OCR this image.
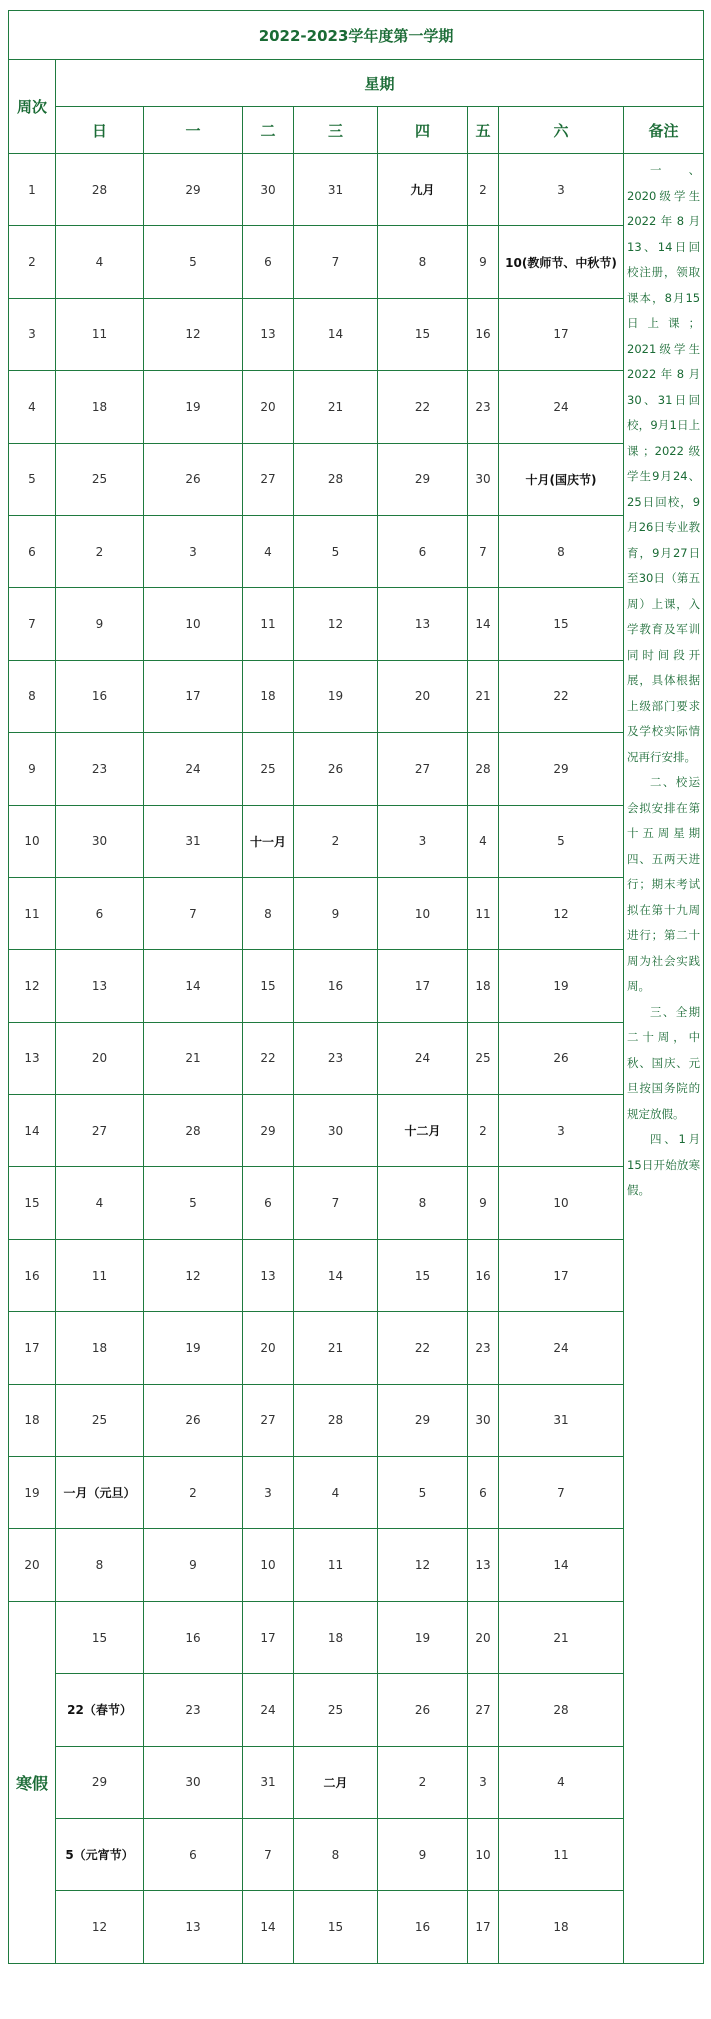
2022-2023学年度第一学期								
周次	星期							
	日	一	二	三	四	五	六	备注
1	28	29	30	31	九月	2	3	一、2020级学生2022年8月13、14日回校注册，领取课本，8月15日上课；2021级学生2022年8月30、31日回校，9月1日上课；2022级学生9月24、25日回校，9月26日专业教育，9月27日至30日（第五周）上课，入学教育及军训同时间段开展，具体根据上级部门要求及学校实际情况再行安排。

二、校运会拟安排在第十五周星期四、五两天进行；期末考试拟在第十九周进行；第二十周为社会实践周。

三、全期二十周，中秋、国庆、元旦按国务院的规定放假。

四、1月15日开始放寒假。

2	4	5	6	7	8	9	10(教师节、中秋节)	
3	11	12	13	14	15	16	17	
4	18	19	20	21	22	23	24	
5	25	26	27	28	29	30	十月(国庆节)	
6	2	3	4	5	6	7	8	
7	9	10	11	12	13	14	15	
8	16	17	18	19	20	21	22	
9	23	24	25	26	27	28	29	
10	30	31	十一月	2	3	4	5	
11	6	7	8	9	10	11	12	
12	13	14	15	16	17	18	19	
13	20	21	22	23	24	25	26	
14	27	28	29	30	十二月	2	3	
15	4	5	6	7	8	9	10	
16	11	12	13	14	15	16	17	
17	18	19	20	21	22	23	24	
18	25	26	27	28	29	30	31	
19	一月（元旦）	2	3	4	5	6	7	
20	8	9	10	11	12	13	14	
寒假	15	16	17	18	19	20	21	
	22（春节）	23	24	25	26	27	28	
	29	30	31	二月	2	3	4	
	5（元宵节）	6	7	8	9	10	11	
	12	13	14	15	16	17	18	
